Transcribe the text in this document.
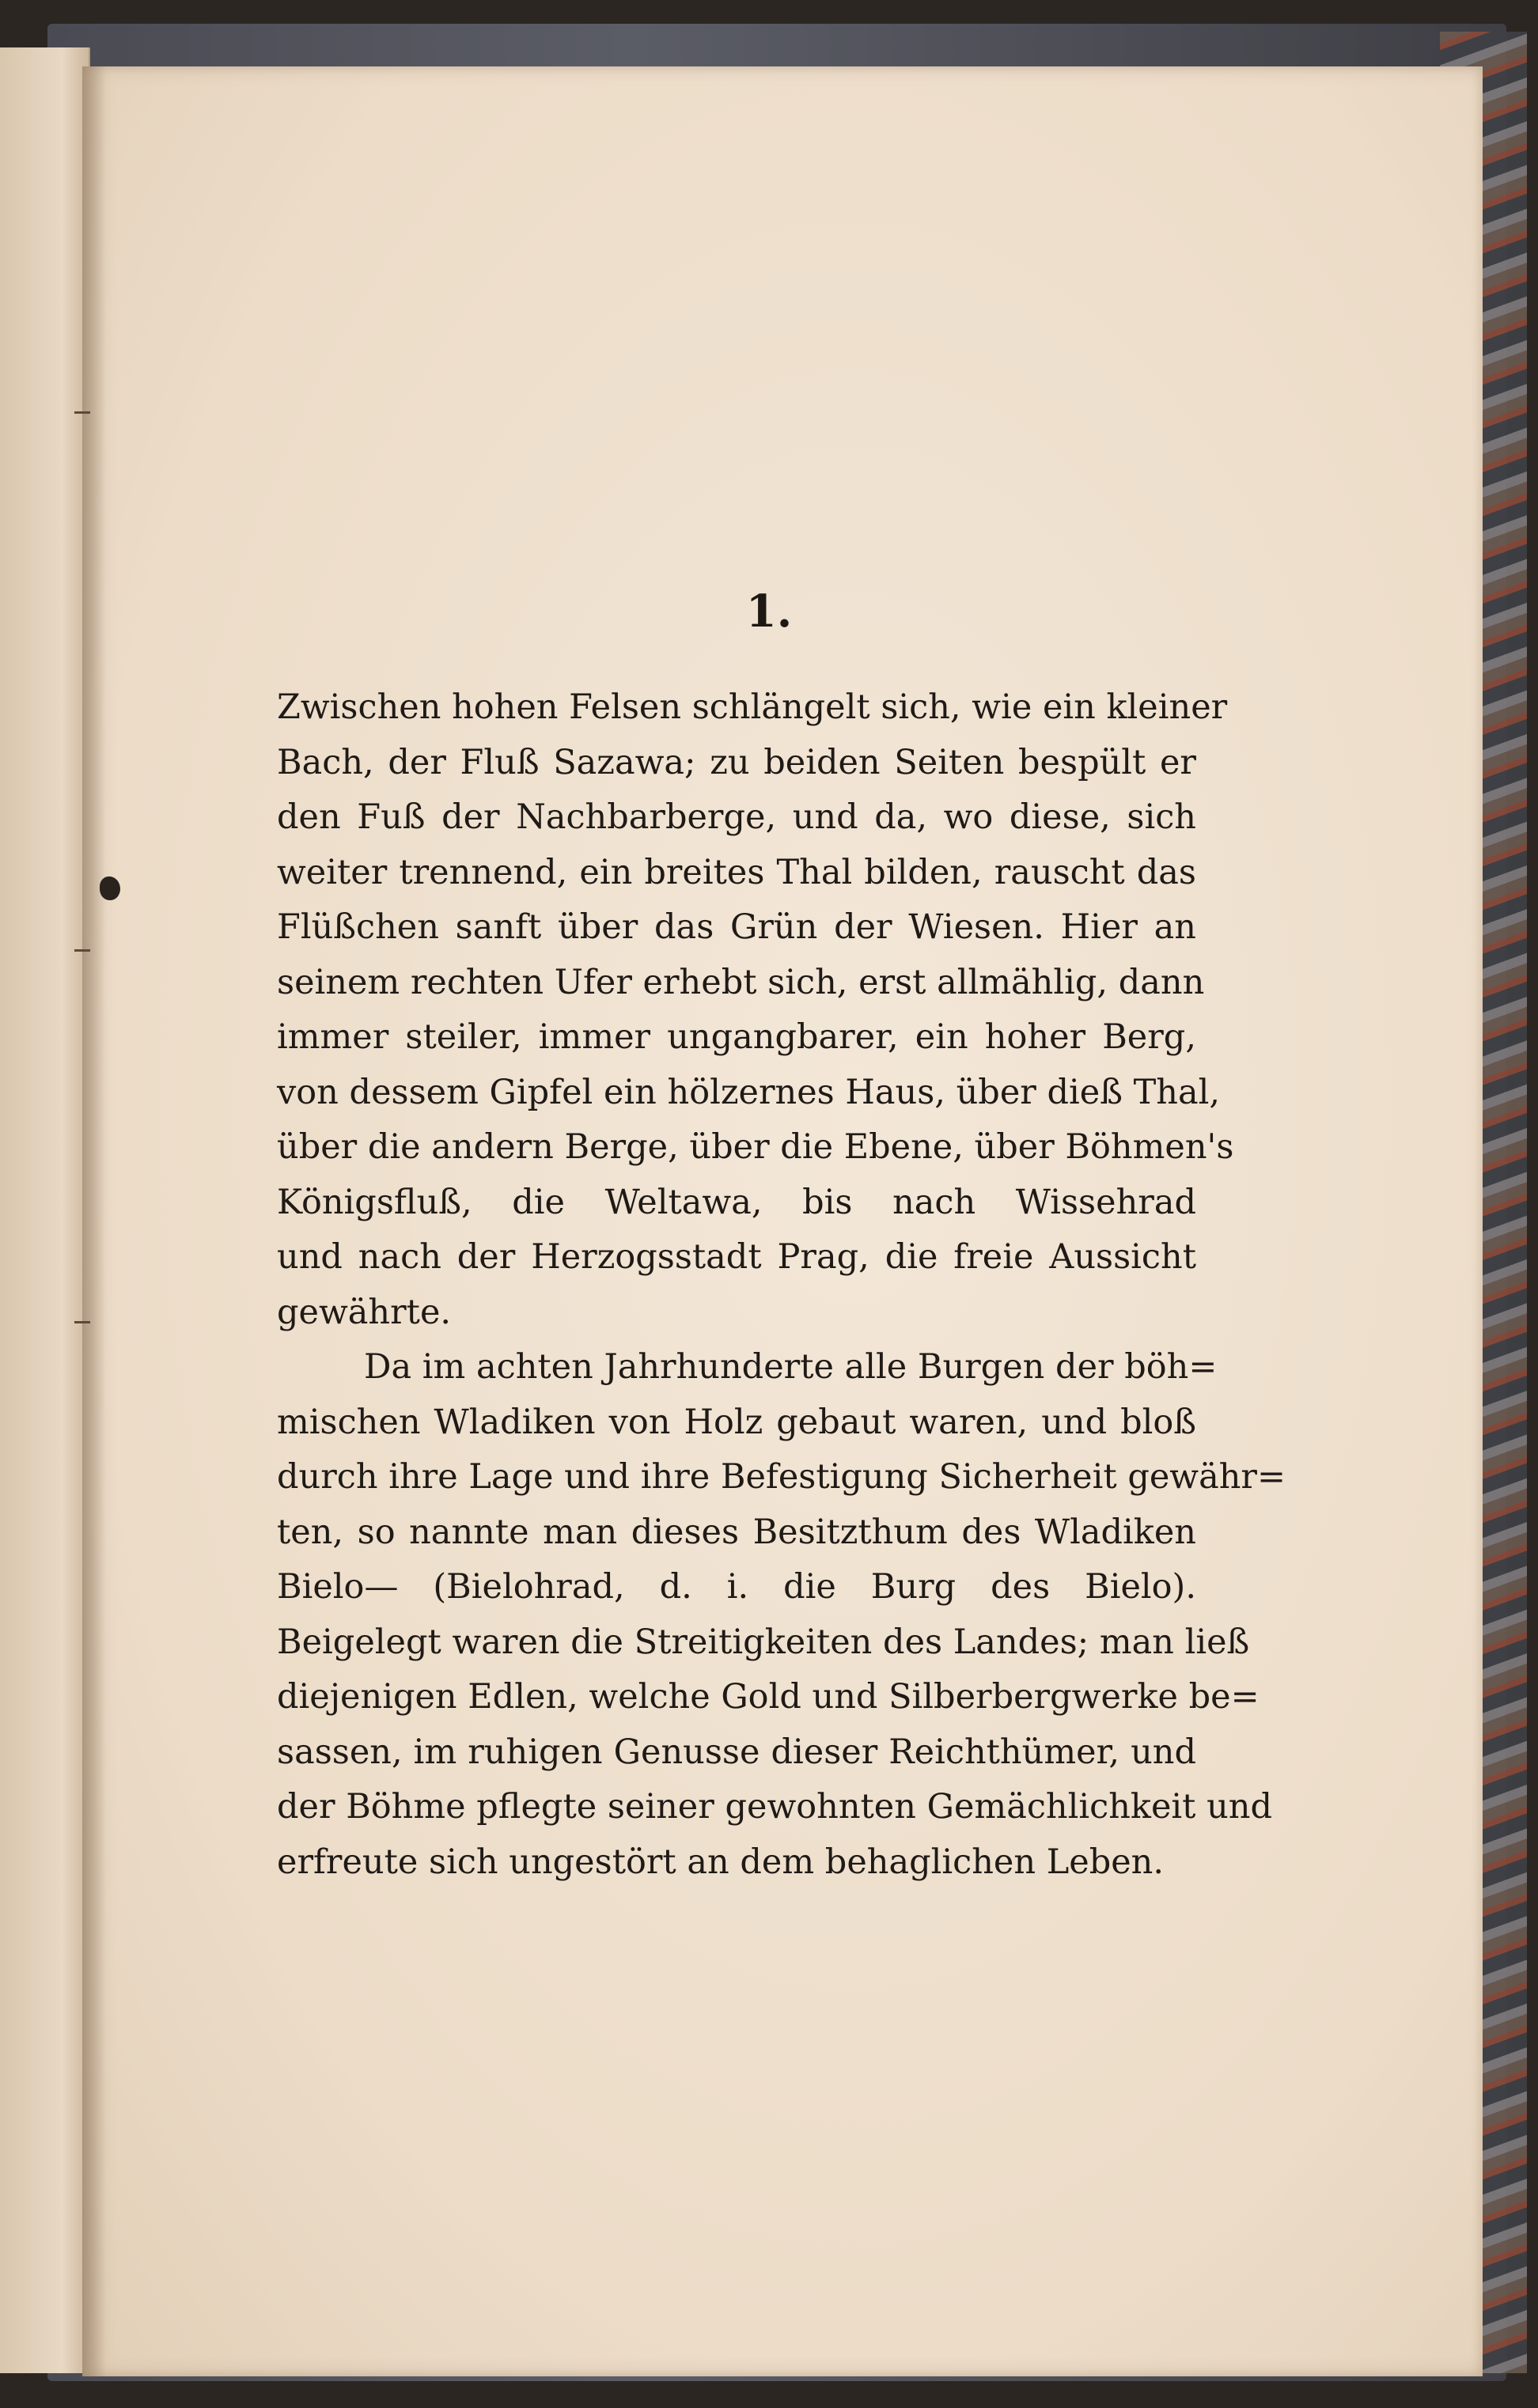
1.
Zwischen hohen Felsen schlängelt sich, wie ein kleiner
Bach, der Fluß Sazawa; zu beiden Seiten bespült er
den Fuß der Nachbarberge, und da, wo diese, sich
weiter trennend, ein breites Thal bilden, rauscht das
Flüßchen sanft über das Grün der Wiesen. Hier an
seinem rechten Ufer erhebt sich, erst allmählig, dann
immer steiler, immer ungangbarer, ein hoher Berg,
von dessem Gipfel ein hölzernes Haus, über dieß Thal,
über die andern Berge, über die Ebene, über Böhmen's
Königsfluß, die Weltawa, bis nach Wissehrad
und nach der Herzogsstadt Prag, die freie Aussicht
gewährte.
Da im achten Jahrhunderte alle Burgen der böh=
mischen Wladiken von Holz gebaut waren, und bloß
durch ihre Lage und ihre Befestigung Sicherheit gewähr=
ten, so nannte man dieses Besitzthum des Wladiken
Bielo— (Bielohrad, d. i. die Burg des Bielo).
Beigelegt waren die Streitigkeiten des Landes; man ließ
diejenigen Edlen, welche Gold und Silberbergwerke be=
sassen, im ruhigen Genusse dieser Reichthümer, und
der Böhme pflegte seiner gewohnten Gemächlichkeit und
erfreute sich ungestört an dem behaglichen Leben.
